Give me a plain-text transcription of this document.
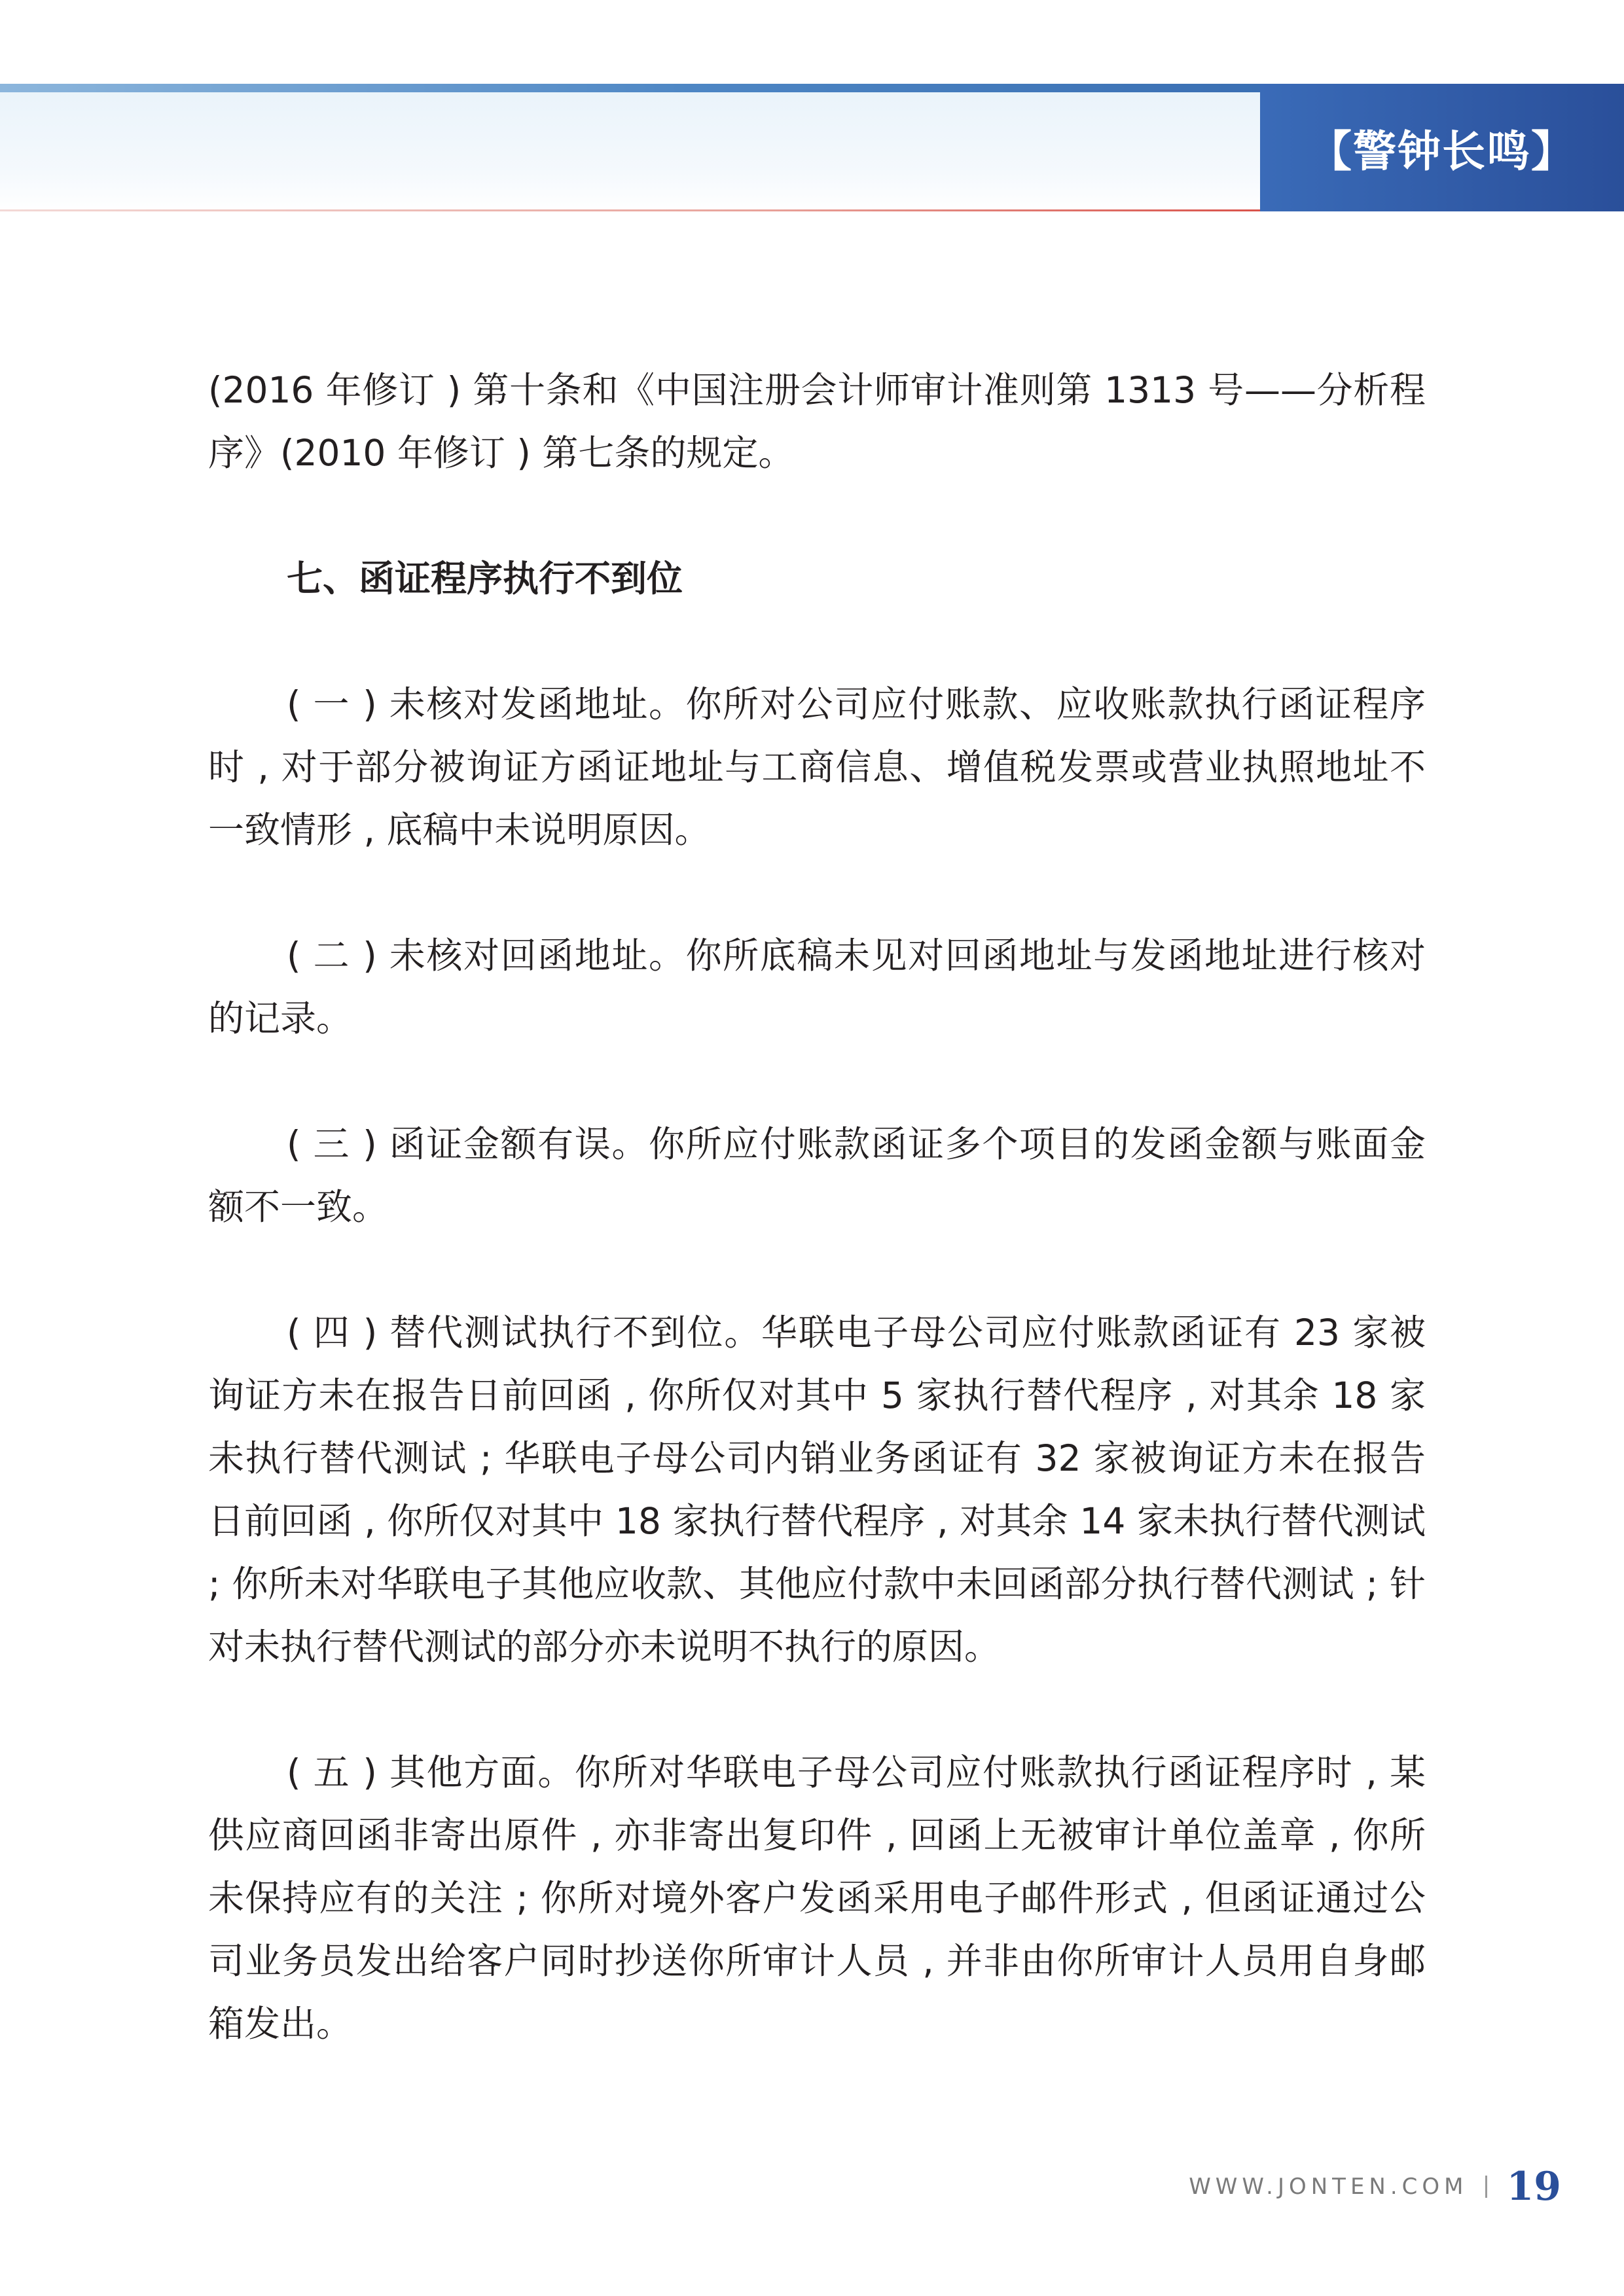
【警钟长鸣】

(2016 年修订 ) 第十条和《中国注册会计师审计准则第 1313 号——分析程序》(2010 年修订 ) 第七条的规定。

七、函证程序执行不到位

( 一 ) 未核对发函地址。你所对公司应付账款、应收账款执行函证程序时 , 对于部分被询证方函证地址与工商信息、增值税发票或营业执照地址不一致情形 , 底稿中未说明原因。

( 二 ) 未核对回函地址。你所底稿未见对回函地址与发函地址进行核对的记录。

( 三 ) 函证金额有误。你所应付账款函证多个项目的发函金额与账面金额不一致。

( 四 ) 替代测试执行不到位。华联电子母公司应付账款函证有 23 家被询证方未在报告日前回函 , 你所仅对其中 5 家执行替代程序 , 对其余 18 家未执行替代测试 ; 华联电子母公司内销业务函证有 32 家被询证方未在报告日前回函 , 你所仅对其中 18 家执行替代程序 , 对其余 14 家未执行替代测试 ; 你所未对华联电子其他应收款、其他应付款中未回函部分执行替代测试 ; 针对未执行替代测试的部分亦未说明不执行的原因。

( 五 ) 其他方面。你所对华联电子母公司应付账款执行函证程序时 , 某供应商回函非寄出原件 , 亦非寄出复印件 , 回函上无被审计单位盖章 , 你所未保持应有的关注 ; 你所对境外客户发函采用电子邮件形式 , 但函证通过公司业务员发出给客户同时抄送你所审计人员 , 并非由你所审计人员用自身邮箱发出。

WWW.JONTEN.COM 19
